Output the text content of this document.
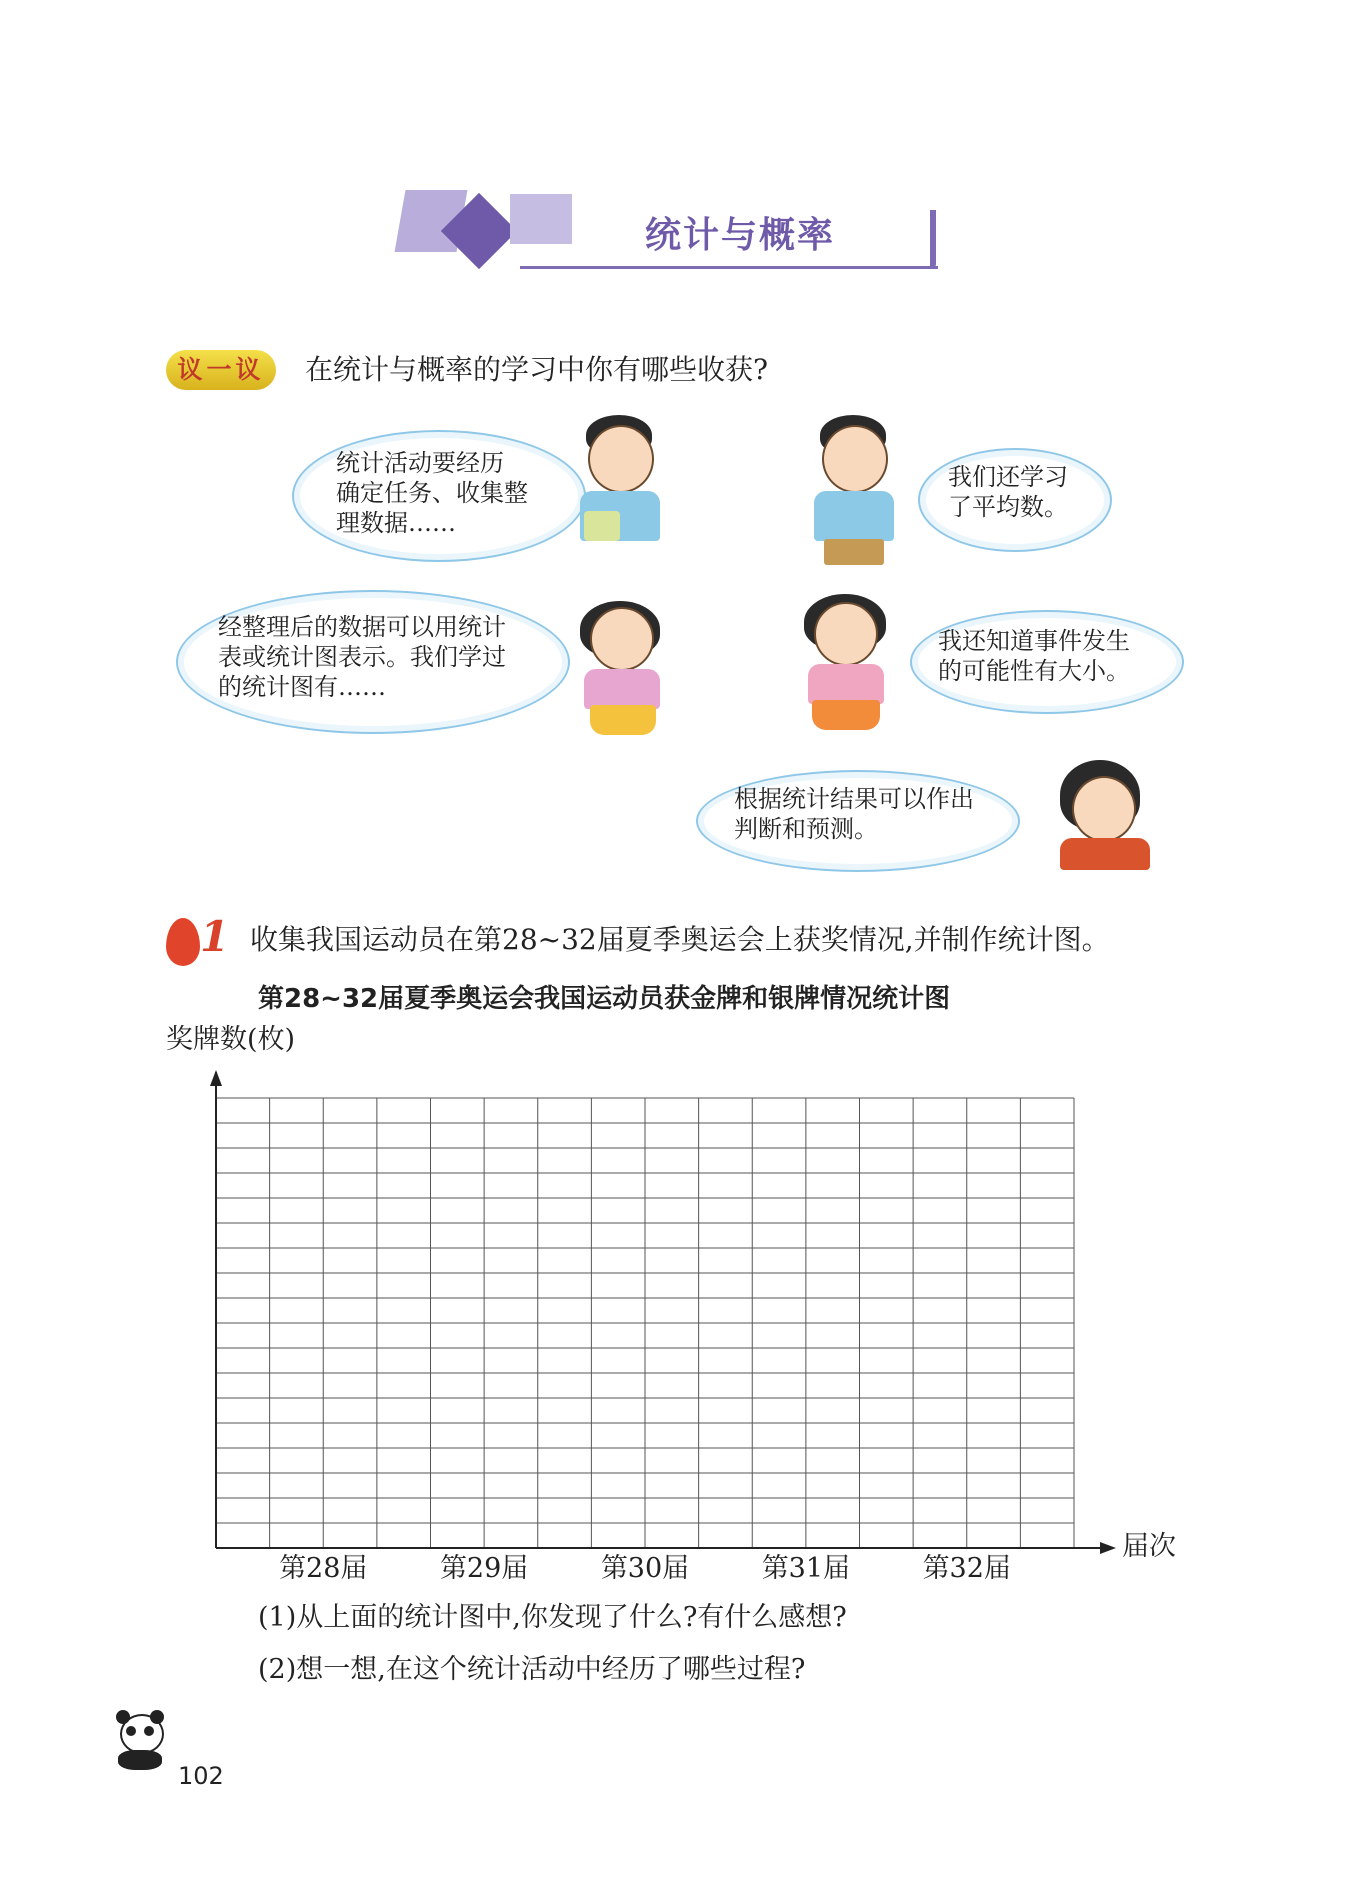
统计与概率
议一议	在统计与概率的学习中你有哪些收获?
统计活动要经历
确定任务、收集整
理数据……
我们还学习
了平均数。
经整理后的数据可以用统计
表或统计图表示。我们学过
的统计图有……
我还知道事件发生
的可能性有大小。
根据统计结果可以作出
判断和预测。
1 收集我国运动员在第28~32届夏季奥运会上获奖情况,并制作统计图。
第28~32届夏季奥运会我国运动员获金牌和银牌情况统计图
奖牌数(枚)
届次
第28届	第29届	第30届	第31届	第32届
(1)从上面的统计图中,你发现了什么?有什么感想?
(2)想一想,在这个统计活动中经历了哪些过程?
102
